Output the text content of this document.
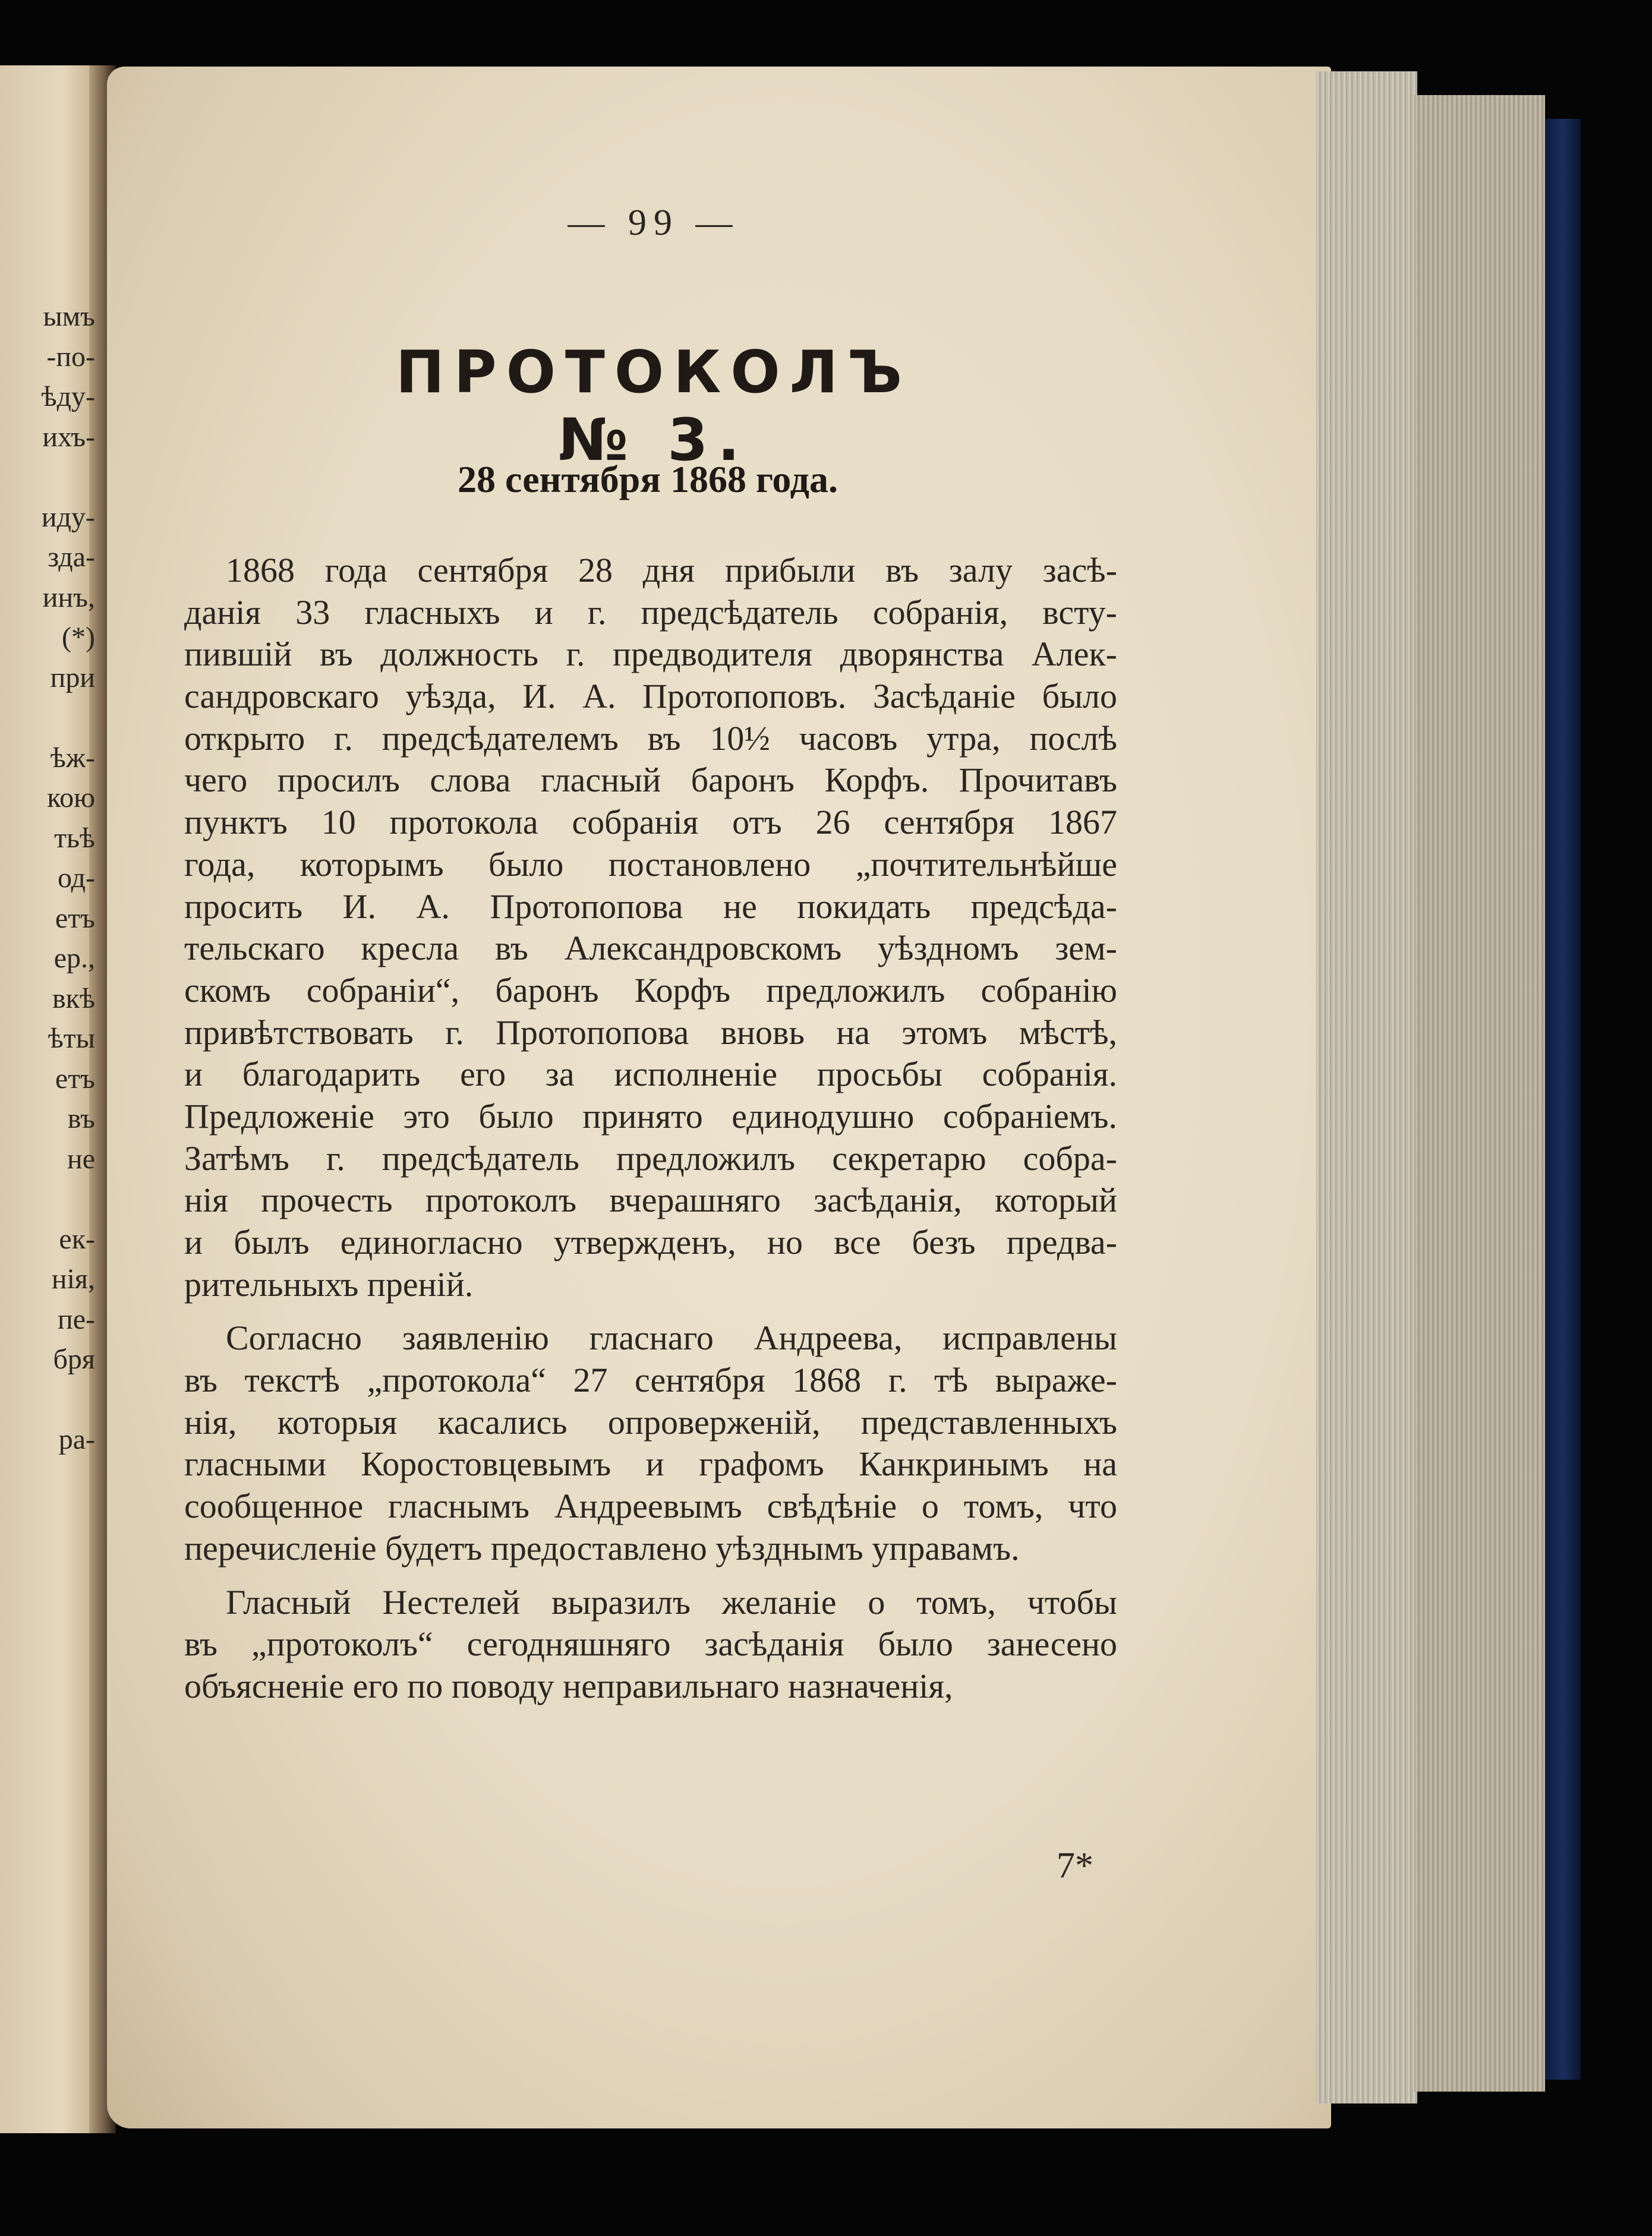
ымъ
-по-
ѣду-
ихъ-
иду-
зда-
инъ,
(*)
при
ѣж-
кою
тьѣ
од-
етъ
ер.,
вкѣ
ѣты
етъ
въ
не
ек-
нія,
пе-
бря
ра-
— 99 —
ПРОТОКОЛЪ № 3.
28 сентября 1868 года.
1868 года сентября 28 дня прибыли въ залу засѣ-
данія 33 гласныхъ и г. предсѣдатель собранія, всту-
пившій въ должность г. предводителя дворянства Алек-
сандровскаго уѣзда, И. А. Протопоповъ. Засѣданіе было
открыто г. предсѣдателемъ въ 10½ часовъ утра, послѣ
чего просилъ слова гласный баронъ Корфъ. Прочитавъ
пунктъ 10 протокола собранія отъ 26 сентября 1867
года, которымъ было постановлено „почтительнѣйше
просить И. А. Протопопова не покидать предсѣда-
тельскаго кресла въ Александровскомъ уѣздномъ зем-
скомъ собраніи“, баронъ Корфъ предложилъ собранію
привѣтствовать г. Протопопова вновь на этомъ мѣстѣ,
и благодарить его за исполненіе просьбы собранія.
Предложеніе это было принято единодушно собраніемъ.
Затѣмъ г. предсѣдатель предложилъ секретарю собра-
нія прочесть протоколъ вчерашняго засѣданія, который
и былъ единогласно утвержденъ, но все безъ предва-
рительныхъ преній.
Согласно заявленію гласнаго Андреева, исправлены
въ текстѣ „протокола“ 27 сентября 1868 г. тѣ выраже-
нія, которыя касались опроверженій, представленныхъ
гласными Коростовцевымъ и графомъ Канкринымъ на
сообщенное гласнымъ Андреевымъ свѣдѣніе о томъ, что
перечисленіе будетъ предоставлено уѣзднымъ управамъ.
Гласный Нестелей выразилъ желаніе о томъ, чтобы
въ „протоколъ“ сегодняшняго засѣданія было занесено
объясненіе его по поводу неправильнаго назначенія,
7*
